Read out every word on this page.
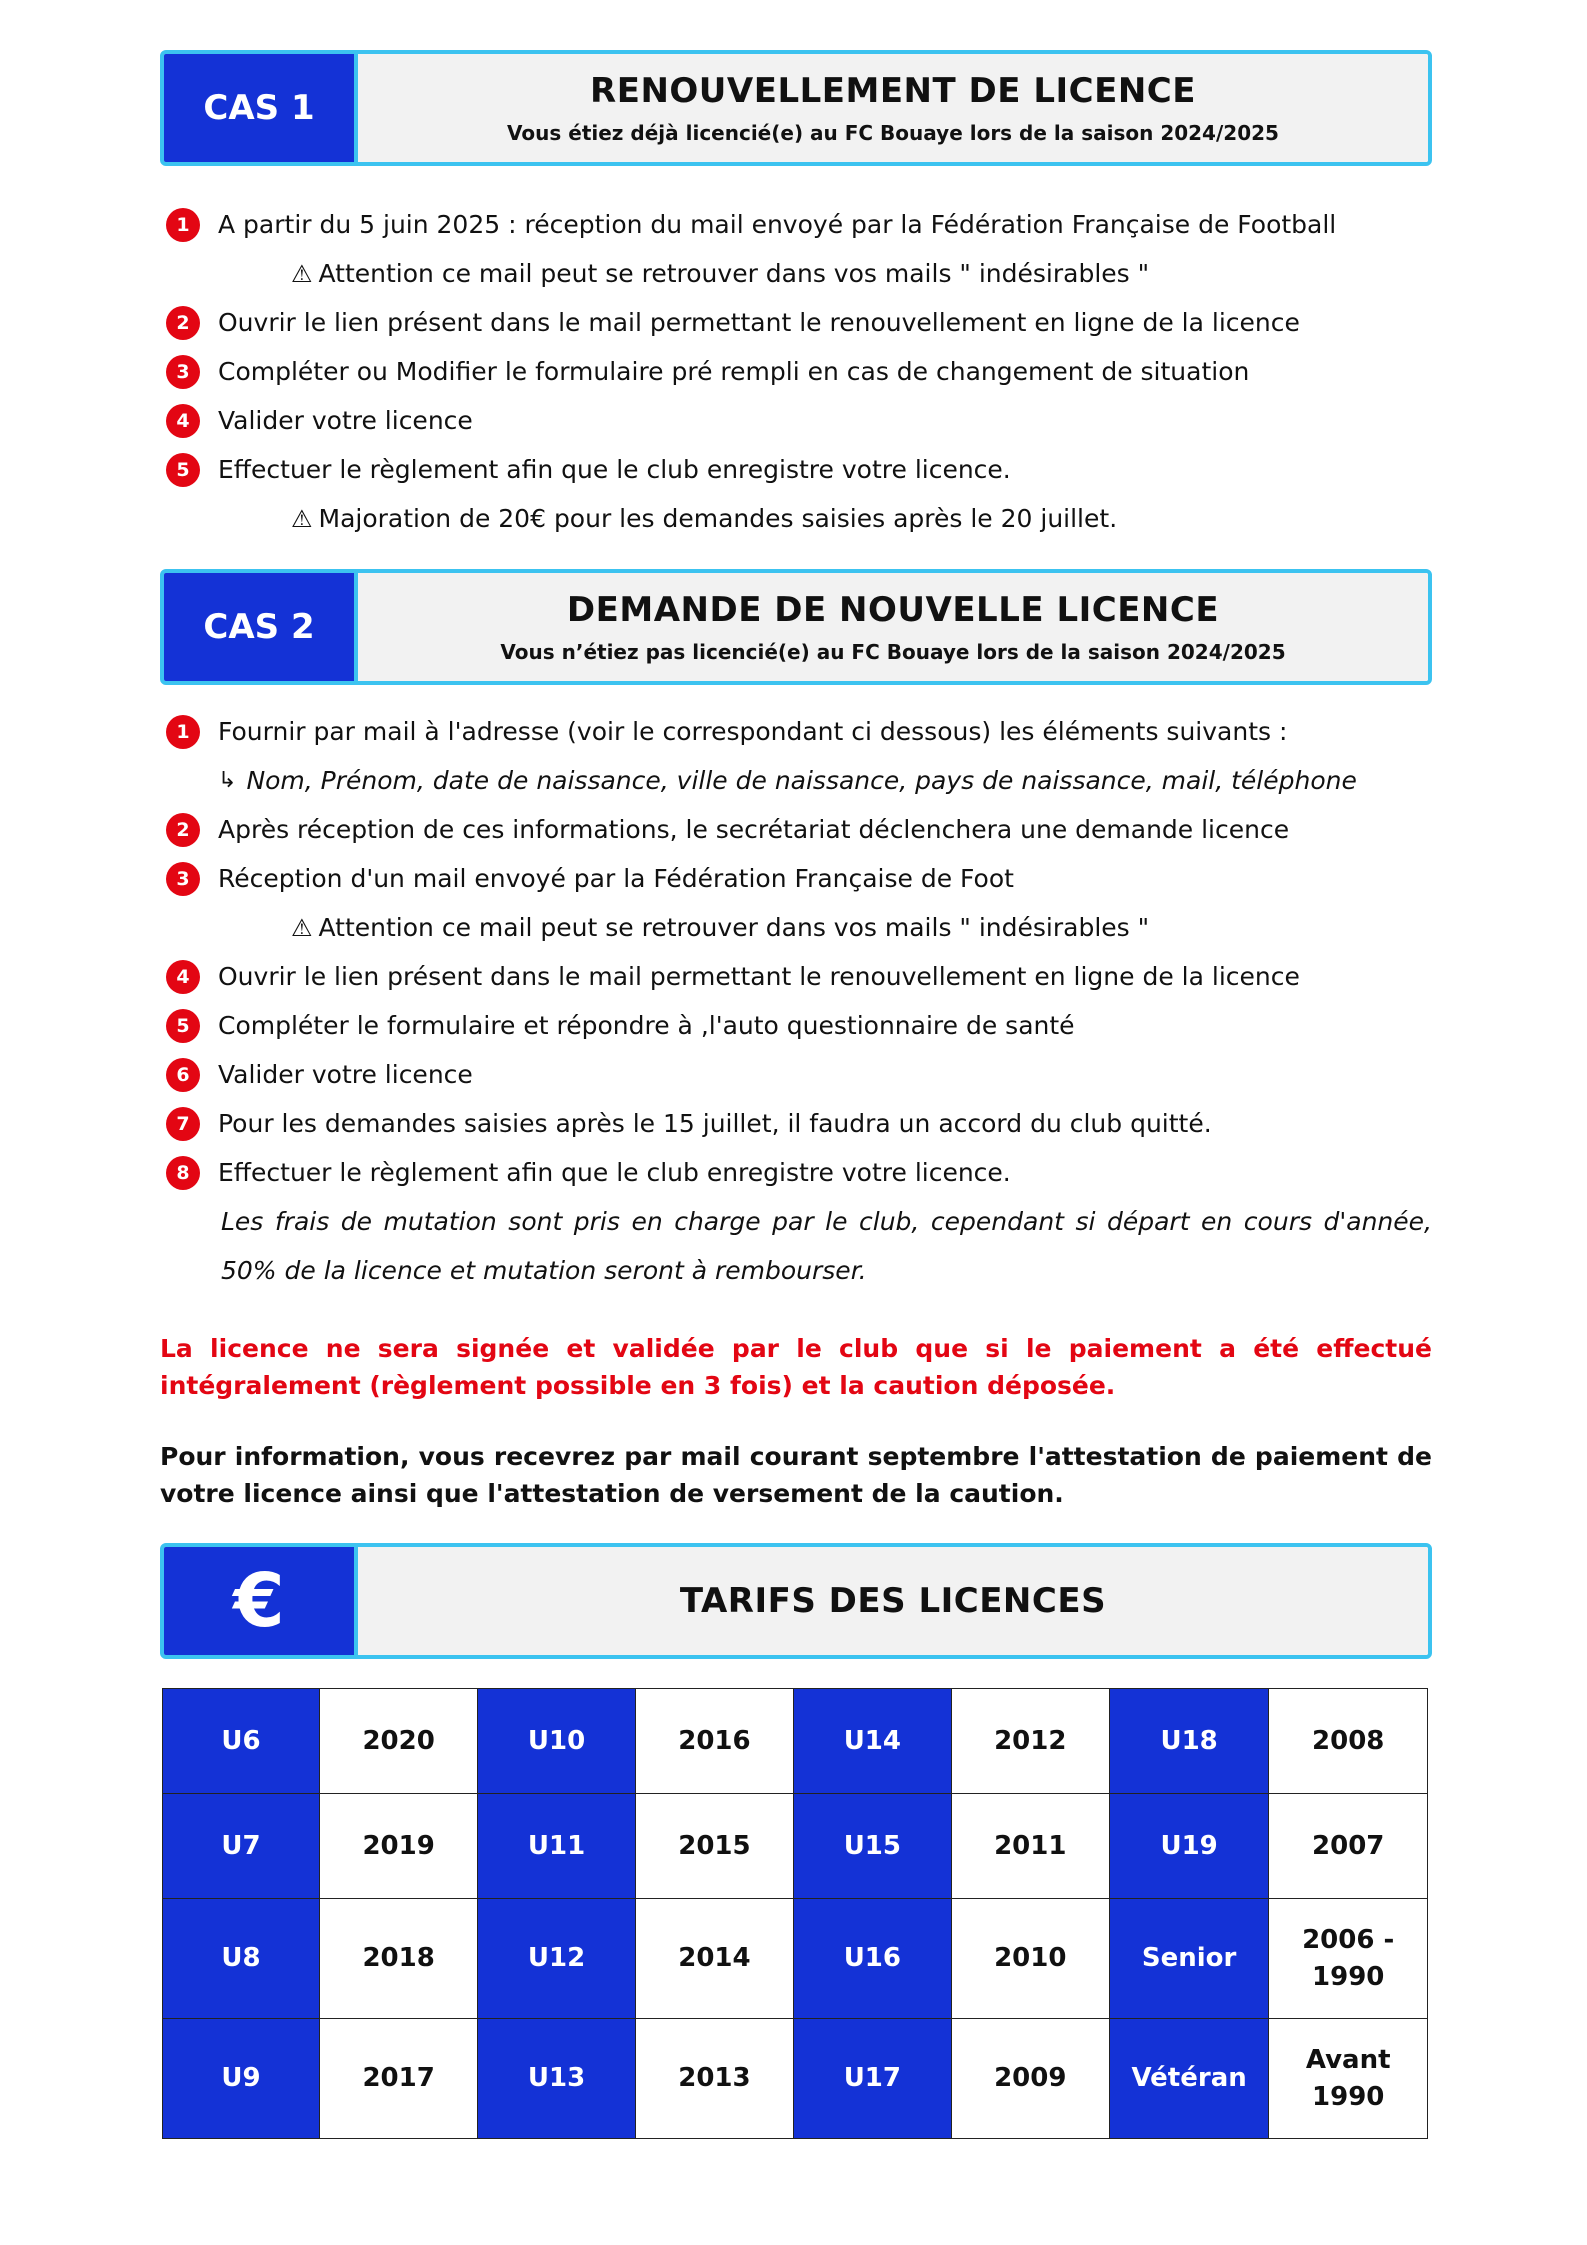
CAS 1	RENOUVELLEMENT DE LICENCE
Vous étiez déjà licencié(e) au FC Bouaye lors de la saison 2024/2025
1	A partir du 5 juin 2025 : réception du mail envoyé par la Fédération Française de Football
⚠ Attention ce mail peut se retrouver dans vos mails " indésirables "
2	Ouvrir le lien présent dans le mail permettant le renouvellement en ligne de la licence
3	Compléter ou Modifier le formulaire pré rempli en cas de changement de situation
4	Valider votre licence
5	Effectuer le règlement afin que le club enregistre votre licence.
⚠ Majoration de 20€ pour les demandes saisies après le 20 juillet.
CAS 2	DEMANDE DE NOUVELLE LICENCE
Vous n’étiez pas licencié(e) au FC Bouaye lors de la saison 2024/2025
1	Fournir par mail à l'adresse (voir le correspondant ci dessous) les éléments suivants :
↳ Nom, Prénom, date de naissance, ville de naissance, pays de naissance, mail, téléphone
2	Après réception de ces informations, le secrétariat déclenchera une demande licence
3	Réception d'un mail envoyé par la Fédération Française de Foot
⚠ Attention ce mail peut se retrouver dans vos mails " indésirables "
4	Ouvrir le lien présent dans le mail permettant le renouvellement en ligne de la licence
5	Compléter le formulaire et répondre à ,l'auto questionnaire de santé
6	Valider votre licence
7	Pour les demandes saisies après le 15 juillet, il faudra un accord du club quitté.
8	Effectuer le règlement afin que le club enregistre votre licence.
Les frais de mutation sont pris en charge par le club, cependant si départ en cours d'année, 50% de la licence et mutation seront à rembourser.
La licence ne sera signée et validée par le club que si le paiement a été effectué intégralement (règlement possible en 3 fois) et la caution déposée.
Pour information, vous recevrez par mail courant septembre l'attestation de paiement de votre licence ainsi que l'attestation de versement de la caution.
€	TARIFS DES LICENCES
U6	2020	U10	2016	U14	2012	U18	2008
U7	2019	U11	2015	U15	2011	U19	2007
U8	2018	U12	2014	U16	2010	Senior	2006 - 1990
U9	2017	U13	2013	U17	2009	Vétéran	Avant 1990
